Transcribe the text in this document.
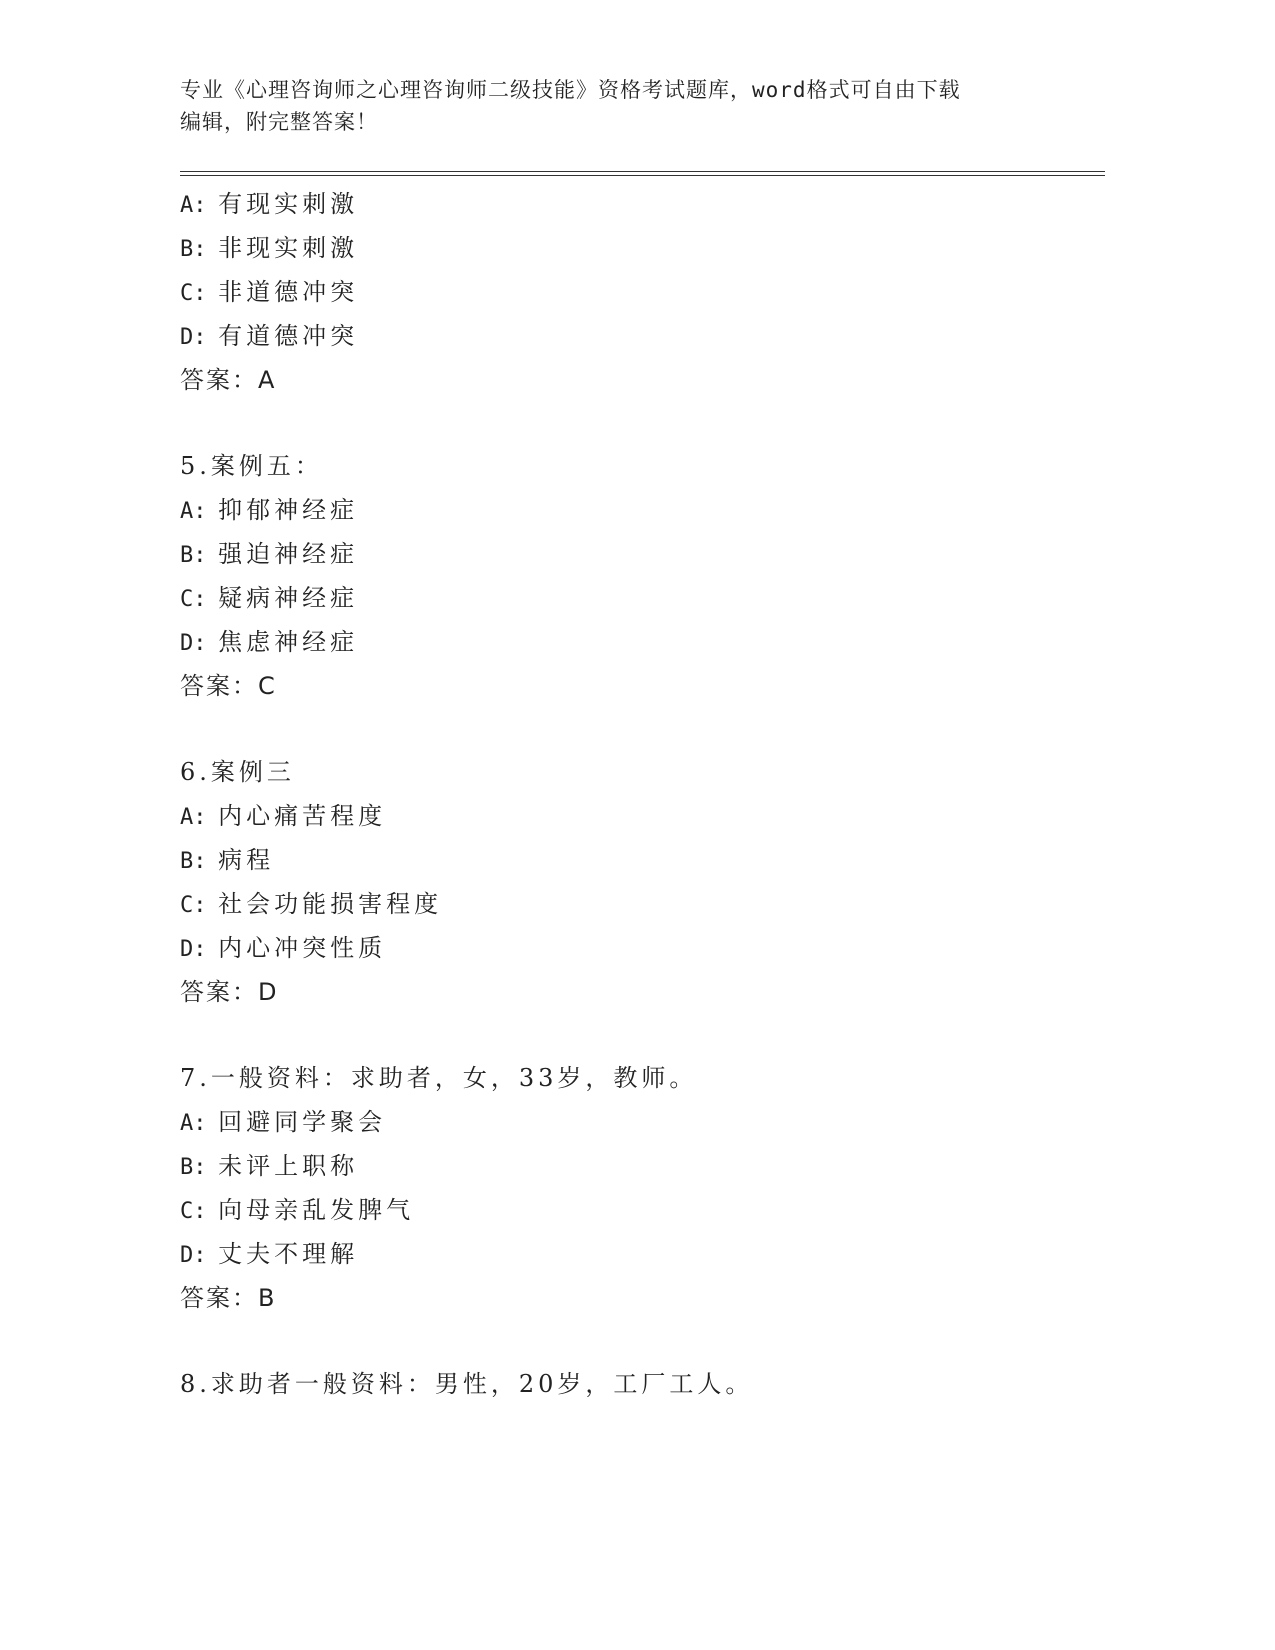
专业《心理咨询师之心理咨询师二级技能》资格考试题库，word格式可自由下载
编辑，附完整答案！
A: 有现实刺激
B: 非现实刺激
C: 非道德冲突
D: 有道德冲突
答案：A
5.案例五：
A: 抑郁神经症
B: 强迫神经症
C: 疑病神经症
D: 焦虑神经症
答案：C
6.案例三
A: 内心痛苦程度
B: 病程
C: 社会功能损害程度
D: 内心冲突性质
答案：D
7.一般资料：求助者，女，33岁，教师。
A: 回避同学聚会
B: 未评上职称
C: 向母亲乱发脾气
D: 丈夫不理解
答案：B
8.求助者一般资料：男性，20岁，工厂工人。
